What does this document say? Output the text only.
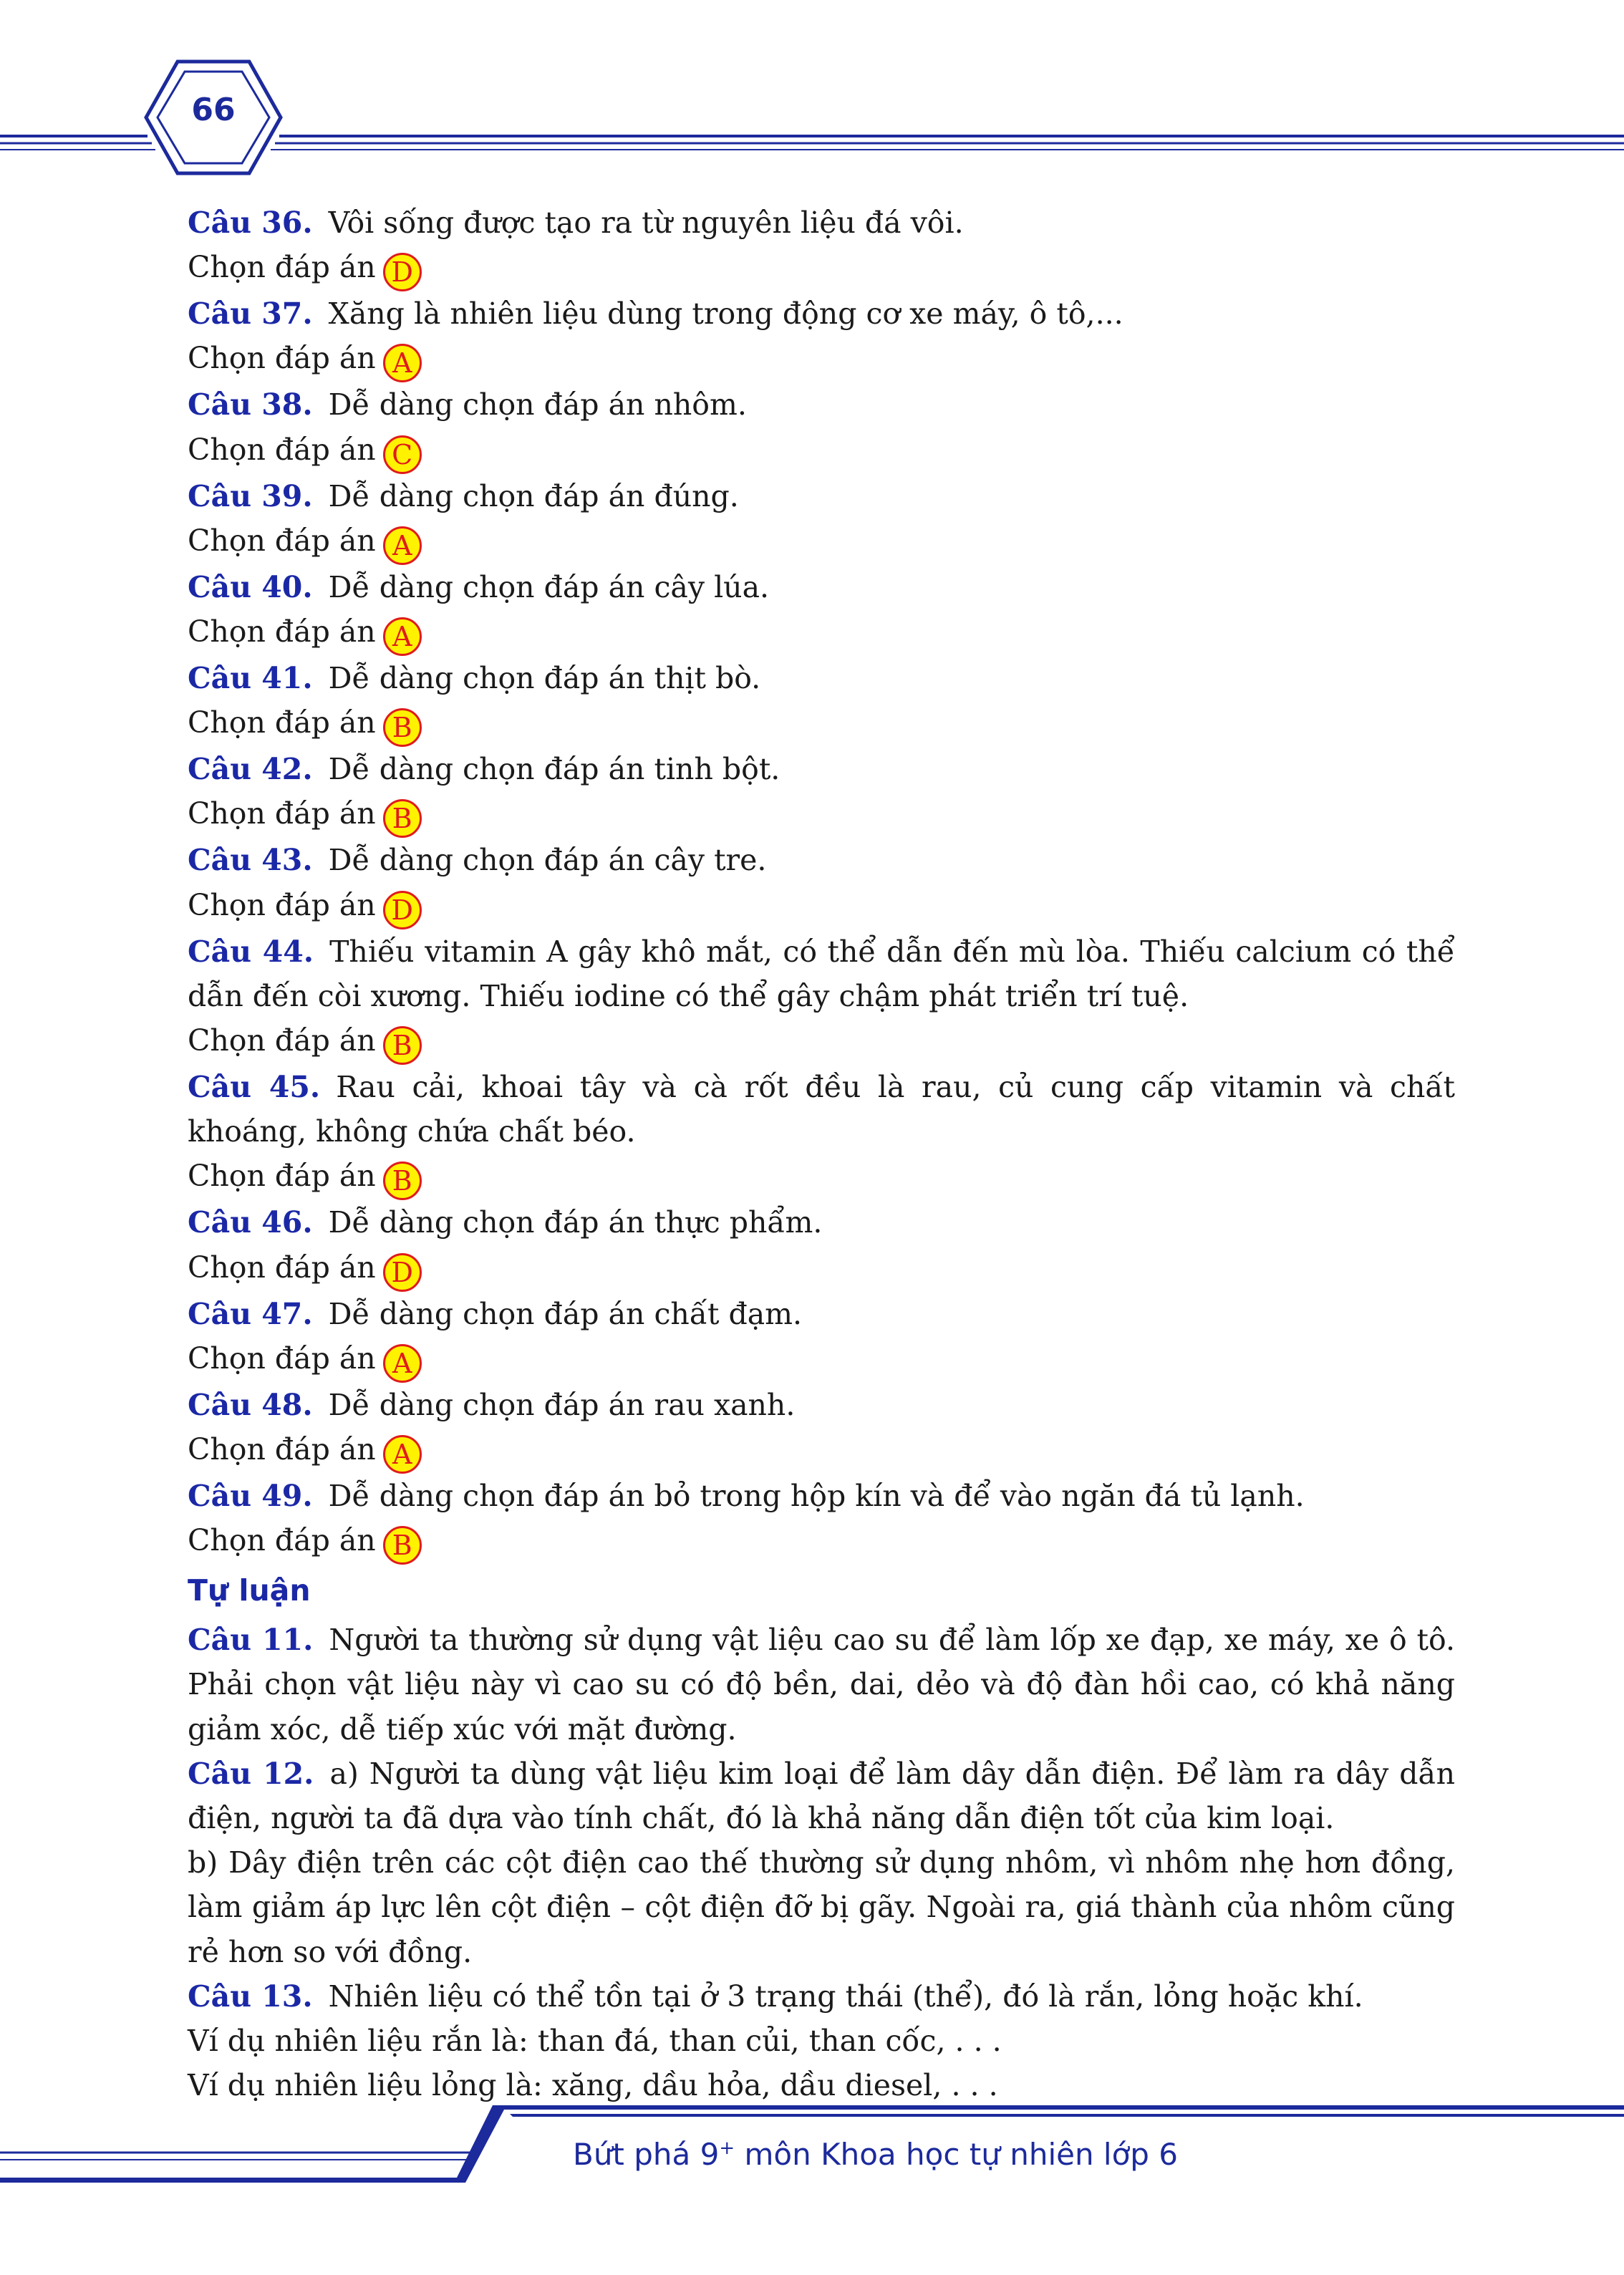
66
Câu 36. Vôi sống được tạo ra từ nguyên liệu đá vôi.
Chọn đáp án D
Câu 37. Xăng là nhiên liệu dùng trong động cơ xe máy, ô tô,...
Chọn đáp án A
Câu 38. Dễ dàng chọn đáp án nhôm.
Chọn đáp án C
Câu 39. Dễ dàng chọn đáp án đúng.
Chọn đáp án A
Câu 40. Dễ dàng chọn đáp án cây lúa.
Chọn đáp án A
Câu 41. Dễ dàng chọn đáp án thịt bò.
Chọn đáp án B
Câu 42. Dễ dàng chọn đáp án tinh bột.
Chọn đáp án B
Câu 43. Dễ dàng chọn đáp án cây tre.
Chọn đáp án D
Câu 44. Thiếu vitamin A gây khô mắt, có thể dẫn đến mù lòa. Thiếu calcium có thể dẫn đến còi xương. Thiếu iodine có thể gây chậm phát triển trí tuệ.
Chọn đáp án B
Câu 45. Rau cải, khoai tây và cà rốt đều là rau, củ cung cấp vitamin và chất khoáng, không chứa chất béo.
Chọn đáp án B
Câu 46. Dễ dàng chọn đáp án thực phẩm.
Chọn đáp án D
Câu 47. Dễ dàng chọn đáp án chất đạm.
Chọn đáp án A
Câu 48. Dễ dàng chọn đáp án rau xanh.
Chọn đáp án A
Câu 49. Dễ dàng chọn đáp án bỏ trong hộp kín và để vào ngăn đá tủ lạnh.
Chọn đáp án B
Tự luận
Câu 11. Người ta thường sử dụng vật liệu cao su để làm lốp xe đạp, xe máy, xe ô tô. Phải chọn vật liệu này vì cao su có độ bền, dai, dẻo và độ đàn hồi cao, có khả năng giảm xóc, dễ tiếp xúc với mặt đường.
Câu 12. a) Người ta dùng vật liệu kim loại để làm dây dẫn điện. Để làm ra dây dẫn điện, người ta đã dựa vào tính chất, đó là khả năng dẫn điện tốt của kim loại.
b) Dây điện trên các cột điện cao thế thường sử dụng nhôm, vì nhôm nhẹ hơn đồng, làm giảm áp lực lên cột điện – cột điện đỡ bị gãy. Ngoài ra, giá thành của nhôm cũng rẻ hơn so với đồng.
Câu 13. Nhiên liệu có thể tồn tại ở 3 trạng thái (thể), đó là rắn, lỏng hoặc khí.
Ví dụ nhiên liệu rắn là: than đá, than củi, than cốc, . . .
Ví dụ nhiên liệu lỏng là: xăng, dầu hỏa, dầu diesel, . . .
Bứt phá 9+ môn Khoa học tự nhiên lớp 6
